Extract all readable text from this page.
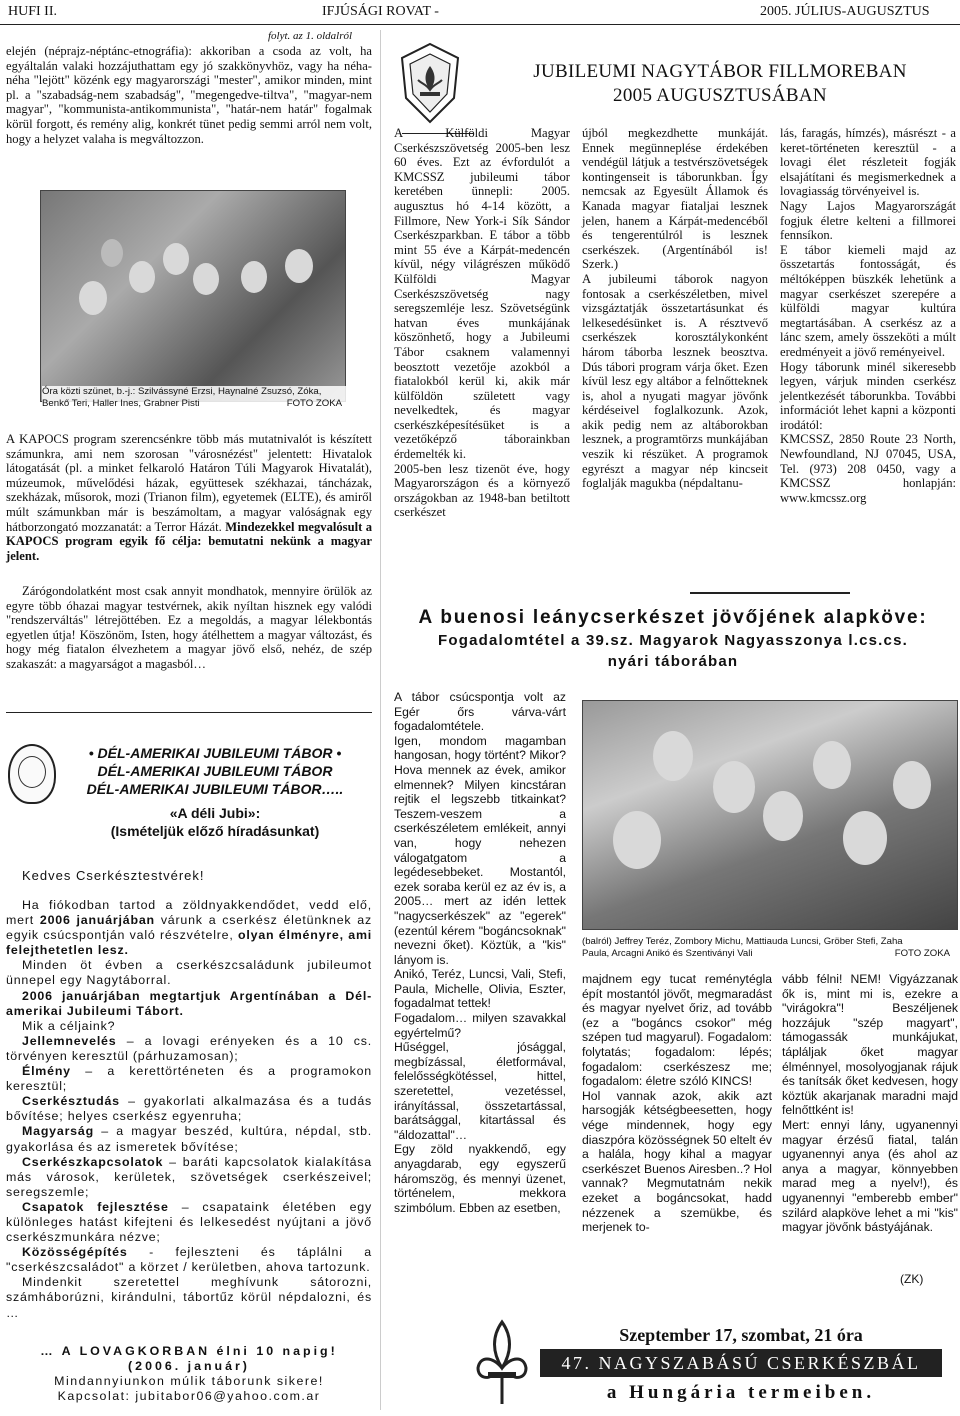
HUFI II.	IFJÚSÁGI ROVAT -	2005. JÚLIUS-AUGUSZTUS
folyt. az 1. oldalról

elején (néprajz-néptánc-etnográfia): akkoriban a csoda az volt, ha egyáltalán valaki hozzájuthattam egy jó szakkönyvhöz, vagy ha néha-néha "lejött" közénk egy magyarországi "mester", amikor minden, mint pl. a "szabadság-nem szabadság", "megengedve-tiltva", "magyar-nem magyar", "kommunista-antikommunista", "határ-nem határ" fogalmak körül forgott, és remény alig, konkrét tünet pedig semmi arról nem volt, hogy a helyzet valaha is megváltozzon.

Óra közti szünet, b.-j.: Szilvássyné Erzsi, Haynalné Zsuzsó, Zóka,
Benkő Teri, Haller Ines, Grabner Pisti	FOTO ZOKA

A KAPOCS program szerencsénkre több más mutatnivalót is készített számunkra, ami nem szorosan "városnézést" jelentett: Hivatalok látogatását (pl. a minket felkaroló Határon Túli Magyarok Hivatalát), múzeumok, művelődési házak, együttesek székhazai, táncházak, szekházak, műsorok, mozi (Trianon film), egyetemek (ELTE), és amiről múlt számunkban már is beszámoltam, a magyar valóságnak egy hátborzongató mozzanatát: a Terror Házát. Mindezekkel megvalósult a KAPOCS program egyik fő célja: bemutatni nekünk a magyar jelent.

Zárógondolatként most csak annyit mondhatok, mennyire örülök az egyre több óhazai magyar testvérnek, akik nyíltan hisznek egy valódi "rendszerváltás" létrejöttében. Ez a megoldás, a magyar lélekbontás egyetlen útja! Köszönöm, Isten, hogy átélhettem a magyar változást, és hogy még fiatalon élvezhetem a magyar jövő első, nehéz, de szép szakaszát: a magyarságot a magasból…

• DÉL-AMERIKAI JUBILEUMI TÁBOR •
DÉL-AMERIKAI JUBILEUMI TÁBOR
DÉL-AMERIKAI JUBILEUMI TÁBOR…..
«A déli Jubi»:
(Ismételjük előző híradásunkat)
Kedves Cserkésztestvérek!
Ha fiókodban tartod a zöldnyakkendődet, vedd elő, mert 2006 januárjában várunk a cserkész életünknek az egyik csúcspontján való részvételre, olyan élményre, ami felejthetetlen lesz.
Minden öt évben a cserkészcsaládunk jubileumot ünnepel egy Nagytáborral.
2006 januárjában megtartjuk Argentínában a Dél-amerikai Jubileumi Tábort.
Mik a céljaink?
Jellemnevelés – a lovagi erényeken és a 10 cs. törvényen keresztül (párhuzamosan);
Élmény – a kerettörténeten és a programokon keresztül;
Cserkésztudás – gyakorlati alkalmazása és a tudás bővítése; helyes cserkész egyenruha;
Magyarság – a magyar beszéd, kultúra, népdal, stb. gyakorlása és az ismeretek bővítése;
Cserkészkapcsolatok – baráti kapcsolatok kialakítása más városok, kerületek, szövetségek cserkészeivel; seregszemle;
Csapatok fejlesztése – csapataink életében egy különleges hatást kifejteni és lelkesedést nyújtani a jövő cserkészmunkára nézve;
Közösségépítés - fejleszteni és táplálni a "cserkészcsaládot" a körzet / kerületben, ahova tartozunk.
Mindenkit szeretettel meghívunk sátorozni, számháborúzni, kirándulni, tábortűz körül népdalozni, és …
… A LOVAGKORBAN élni 10 napig!
(2006. január)
Mindannyiunkon múlik táborunk sikere!
Kapcsolat: jubitabor06@yahoo.com.ar
JUBILEUMI NAGYTÁBOR FILLMOREBAN
2005 AUGUSZTUSÁBAN

A Külföldi Magyar Cserkészszövetség 2005-ben lesz 60 éves. Ezt az évfordulót a KMCSSZ jubileumi tábor keretében ünnepli: 2005. augusztus hó 4-14 között, a Fillmore, New York-i Sík Sándor Cserkészparkban. E tábor a több mint 55 éve a Kárpát-medencén kívül, négy világrészen működő Külföldi Magyar Cserkészszövetség nagy seregszemléje lesz. Szövetségünk hatvan éves munkájának köszönhető, hogy a Jubileumi Tábor csaknem valamennyi beosztott vezetője azokból a fiatalokból kerül ki, akik már külföldön született vagy nevelkedtek, és magyar cserkészképesítésüket is a vezetőképző táborainkban érdemelték ki.
2005-ben lesz tizenöt éve, hogy Magyarországon és a környező országokban az 1948-ban betiltott cserkészet

újból megkezdhette munkáját. Ennek megünneplése érdekében vendégül látjuk a testvérszövetségek kontingenseit is táborunkban. Így nemcsak az Egyesült Államok és Kanada magyar fiataljai lesznek jelen, hanem a Kárpát-medencéből és tengerentúlról is lesznek cserkészek. (Argentínából is! Szerk.)
A jubileumi táborok nagyon fontosak a cserkészéletben, mivel vizsgáztatják összetartásunkat és lelkesedésünket is. A résztvevő cserkészek korosztálykonként három táborba lesznek beosztva. Dús tábori program várja őket. Ezen kívül lesz egy altábor a felnőtteknek is, ahol a nyugati magyar jövőnk kérdéseivel foglalkozunk. Azok, akik pedig nem az altáborokban lesznek, a programtörzs munkájában veszik ki részüket. A programok egyrészt a magyar nép kincseit foglalják magukba (népdaltanu-

lás, faragás, hímzés), másrészt - a keret-történeten keresztül - a lovagi élet részleteit fogják elsajátítani és megismerkednek a lovagiasság törvényeivel is.
Nagy Lajos Magyarországát fogjuk életre kelteni a fillmorei fennsíkon.
E tábor kiemeli majd az összetartás fontosságát, és méltóképpen büszkék lehetünk a magyar cserkészet szerepére a külföldi magyar kultúra megtartásában. A cserkész az a lánc szem, amely összeköti a múlt eredményeit a jövő reményeivel.
Hogy táborunk minél sikeresebb legyen, várjuk minden cserkész jelentkezését táborunkba. További információt lehet kapni a központi irodától:
KMCSSZ, 2850 Route 23 North, Newfoundland, NJ 07045, USA, Tel. (973) 208 0450, vagy a KMCSSZ honlapján: www.kmcssz.org

A buenosi leánycserkészet jövőjének alapköve:
Fogadalomtétel a 39.sz. Magyarok Nagyasszonya l.cs.cs.
nyári táborában

A tábor csúcspontja volt az Egér őrs várva-várt fogadalomtétele.
Igen, mondom magamban hangosan, hogy történt? Mikor? Hova mennek az évek, amikor elmennek? Milyen kincstáran rejtik el legszebb titkainkat? Teszem-veszem a cserkészéletem emlékeit, annyi van, hogy nehezen válogatgatom a legédesebbeket. Mostantól, ezek soraba kerül ez az év is, a 2005… mert az idén lettek "nagycserkészek" az "egerek" (ezentúl kérem "bogáncsoknak" nevezni őket). Köztük, a "kis" lányom is.
Anikó, Teréz, Luncsi, Vali, Stefi, Paula, Michelle, Olivia, Eszter, fogadalmat tettek!
Fogadalom… milyen szavakkal egyértelmű?
Hűséggel, jósággal, megbízással, életformával, felelősségkötéssel, hittel, szeretettel, vezetéssel, irányítással, összetartással, barátsággal, kitartással és "áldozattal"…
Egy zöld nyakkendő, egy anyagdarab, egy egyszerű háromszög, és mennyi üzenet, történelem, mekkora szimbólum. Ebben az esetben,

(balról) Jeffrey Teréz, Zombory Michu, Mattiauda Luncsi, Gröber Stefi, Zaha
Paula, Arcagni Anikó és Szentiványi Vali	FOTO ZOKA

majdnem egy tucat reménytégla épít mostantól jövőt, megmaradást és magyar nyelvet őriz, ad tovább (ez a "bogáncs csokor" még szépen tud magyarul). Fogadalom: folytatás; fogadalom: lépés; fogadalom: cserkészesz me; fogadalom: életre szóló KINCS!
Hol vannak azok, akik azt harsogják kétségbeesetten, hogy vége mindennek, hogy egy diaszpóra közösségnek 50 eltelt év a halála, hogy kihal a magyar cserkészet Buenos Airesben..? Hol vannak? Megmutatnám nekik ezeket a bogáncsokat, hadd nézzenek a szemükbe, és merjenek to-

vább félni! NEM! Vigyázzanak ők is, mint mi is, ezekre a "virágokra"! Beszéljenek hozzájuk "szép magyart", támogassák munkájukat, tápláljak őket magyar élménnyel, mosolyogjanak rájuk és tanítsák őket kedvesen, hogy köztük akarjanak maradni majd felnőttként is!
Mert: ennyi lány, ugyanennyi magyar érzésű fiatal, talán ugyanennyi anya (és ahol az anya a magyar, könnyebben marad meg a nyelv!), és ugyanennyi "emberebb ember" szilárd alapköve lehet a mi "kis" magyar jövőnk bástyájának.

(ZK)
Szeptember 17, szombat, 21 óra
47. NAGYSZABÁSÚ CSERKÉSZBÁL
a Hungária termeiben.
